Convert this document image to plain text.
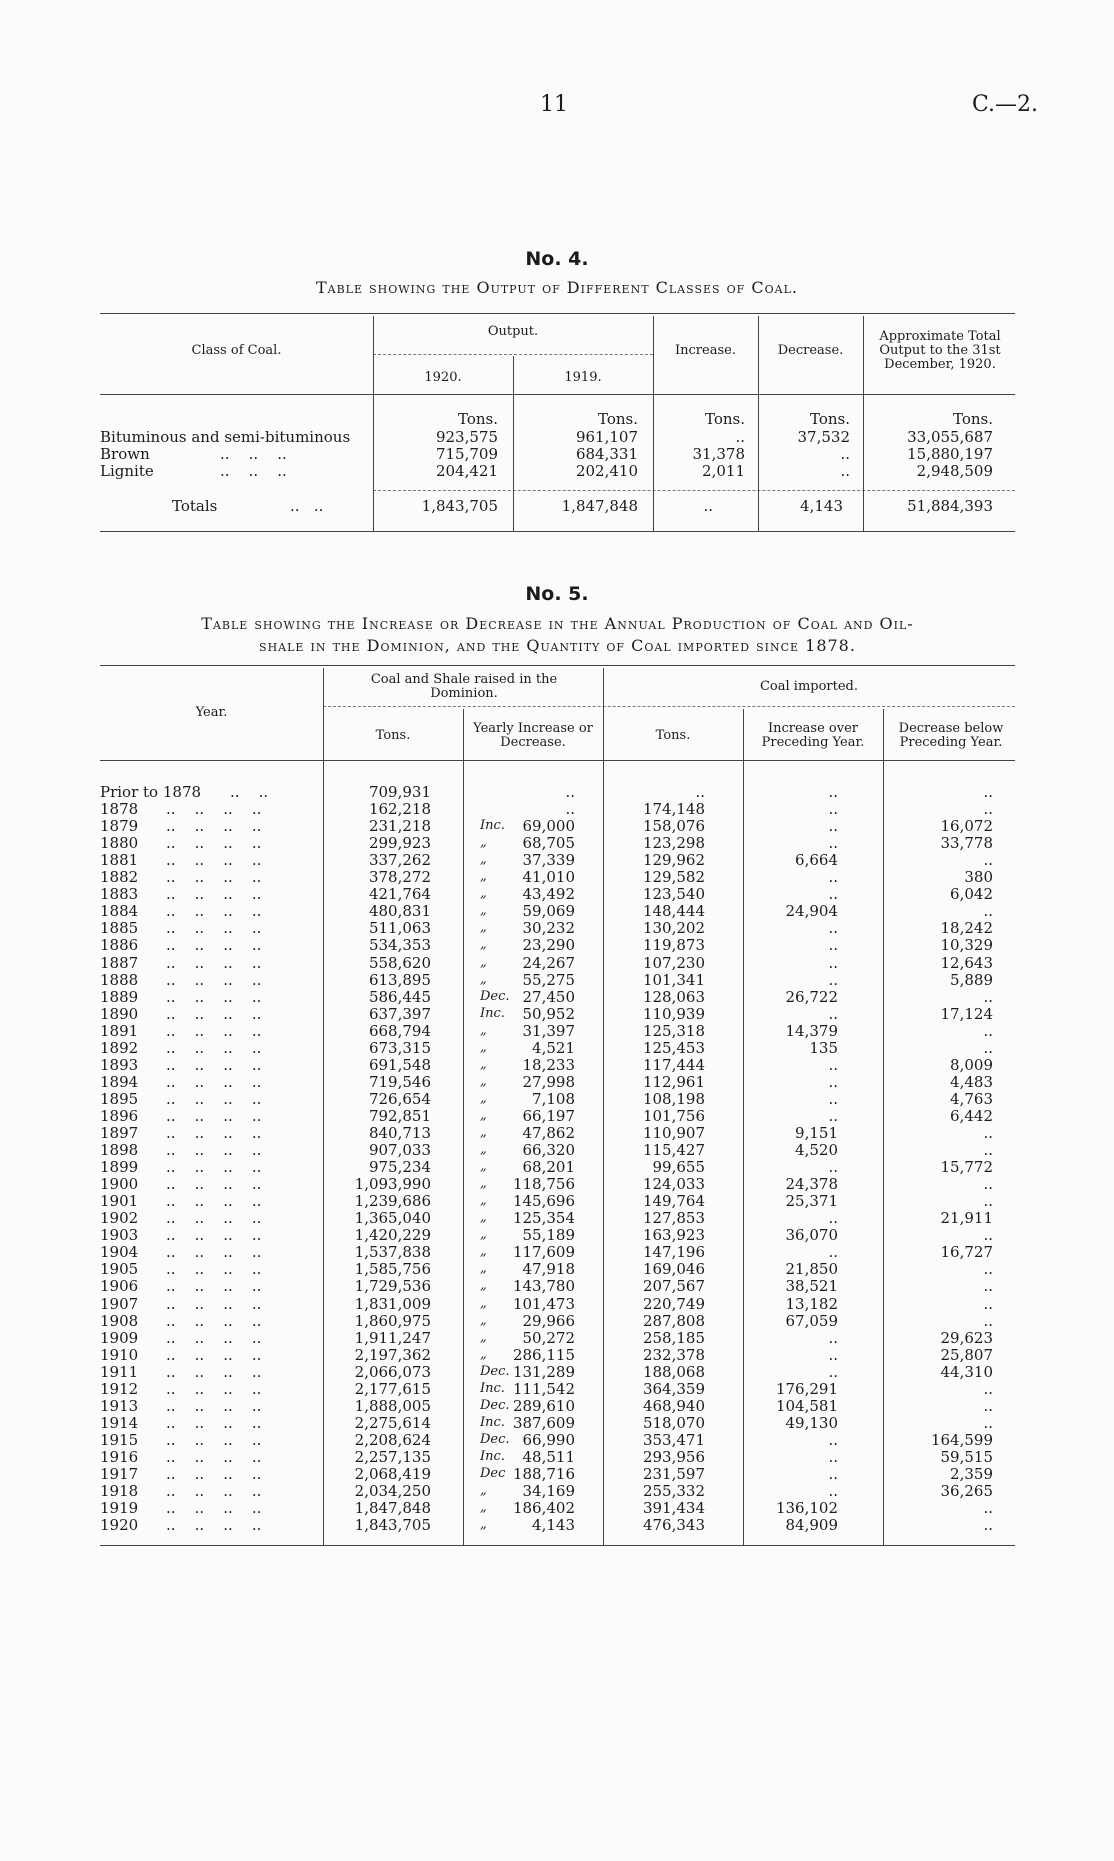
11	C.—2.
No. 4.
Table showing the Output of Different Classes of Coal.
Class of Coal.
Output.
1920.	1919.
Increase.	Decrease.
Approximate Total Output to the 31st December, 1920.
Tons.	Tons.	Tons.	Tons.	Tons.
Bituminous and semi-bituminous	923,575	961,107	..	37,532	33,055,687
Brown	..    ..    ..	715,709	684,331	31,378	..	15,880,197
Lignite	..    ..    ..	204,421	202,410	2,011	..	2,948,509
Totals	..   ..	1,843,705	1,847,848	..	4,143	51,884,393
No. 5.
Table showing the Increase or Decrease in the Annual Production of Coal and Oil-
shale in the Dominion, and the Quantity of Coal imported since 1878.
Year.
Coal and Shale raised in the Dominion.
Tons.	Yearly Increase or Decrease.
Coal imported.
Tons.	Increase over Preceding Year.
Decrease below Preceding Year.
Prior to 1878 ..    ..	709,931	..	..	..	..
1878 ..    ..    ..    ..	162,218	..	174,148	..	..
1879 ..    ..    ..    ..	231,218	Inc.	69,000	158,076	..	16,072
1880 ..    ..    ..    ..	299,923	„	68,705	123,298	..	33,778
1881 ..    ..    ..    ..	337,262	„	37,339	129,962	6,664	..
1882 ..    ..    ..    ..	378,272	„	41,010	129,582	..	380
1883 ..    ..    ..    ..	421,764	„	43,492	123,540	..	6,042
1884 ..    ..    ..    ..	480,831	„	59,069	148,444	24,904	..
1885 ..    ..    ..    ..	511,063	„	30,232	130,202	..	18,242
1886 ..    ..    ..    ..	534,353	„	23,290	119,873	..	10,329
1887 ..    ..    ..    ..	558,620	„	24,267	107,230	..	12,643
1888 ..    ..    ..    ..	613,895	„	55,275	101,341	..	5,889
1889 ..    ..    ..    ..	586,445	Dec. 27,450	128,063	26,722	..
1890 ..    ..    ..    ..	637,397	Inc.	50,952	110,939	..	17,124
1891 ..    ..    ..    ..	668,794	„	31,397	125,318	14,379	..
1892 ..    ..    ..    ..	673,315	„	4,521	125,453	135	..
1893 ..    ..    ..    ..	691,548	„	18,233	117,444	..	8,009
1894 ..    ..    ..    ..	719,546	„	27,998	112,961	..	4,483
1895 ..    ..    ..    ..	726,654	„	7,108	108,198	..	4,763
1896 ..    ..    ..    ..	792,851	„	66,197	101,756	..	6,442
1897 ..    ..    ..    ..	840,713	„	47,862	110,907	9,151	..
1898 ..    ..    ..    ..	907,033	„	66,320	115,427	4,520	..
1899 ..    ..    ..    ..	975,234	„	68,201	99,655	..	15,772
1900 ..    ..    ..    ..	1,093,990	„	118,756	124,033	24,378	..
1901 ..    ..    ..    ..	1,239,686	„	145,696	149,764	25,371	..
1902 ..    ..    ..    ..	1,365,040	„	125,354	127,853	..	21,911
1903 ..    ..    ..    ..	1,420,229	„	55,189	163,923	36,070	..
1904 ..    ..    ..    ..	1,537,838	„	117,609	147,196	..	16,727
1905 ..    ..    ..    ..	1,585,756	„	47,918	169,046	21,850	..
1906 ..    ..    ..    ..	1,729,536	„	143,780	207,567	38,521	..
1907 ..    ..    ..    ..	1,831,009	„	101,473	220,749	13,182	..
1908 ..    ..    ..    ..	1,860,975	„	29,966	287,808	67,059	..
1909 ..    ..    ..    ..	1,911,247	„	50,272	258,185	..	29,623
1910 ..    ..    ..    ..	2,197,362	„	286,115	232,378	..	25,807
1911 ..    ..    ..    ..	2,066,073	Dec. 131,289	188,068	..	44,310
1912 ..    ..    ..    ..	2,177,615	Inc. 111,542	364,359	176,291	..
1913 ..    ..    ..    ..	1,888,005	Dec. 289,610	468,940	104,581	..
1914 ..    ..    ..    ..	2,275,614	Inc. 387,609	518,070	49,130	..
1915 ..    ..    ..    ..	2,208,624	Dec. 66,990	353,471	..	164,599
1916 ..    ..    ..    ..	2,257,135	Inc.	48,511	293,956	..	59,515
1917 ..    ..    ..    ..	2,068,419	Dec 188,716	231,597	..	2,359
1918 ..    ..    ..    ..	2,034,250	„	34,169	255,332	..	36,265
1919 ..    ..    ..    ..	1,847,848	„	186,402	391,434	136,102	..
1920 ..    ..    ..    ..	1,843,705	„	4,143	476,343	84,909	..
